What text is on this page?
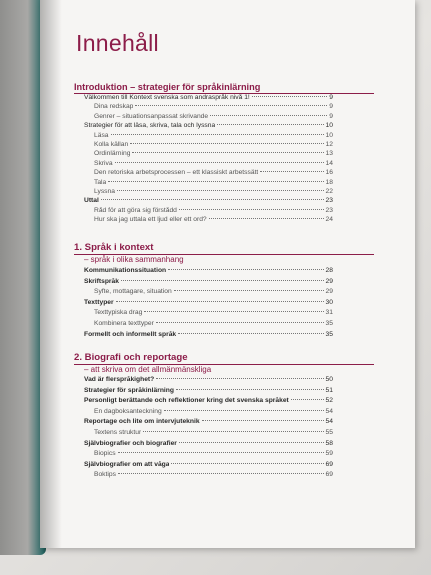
Innehåll
Introduktion – strategier för språkinlärning
Välkommen till Kontext svenska som andraspråk nivå 1!	9
Dina redskap	9
Genrer – situationsanpassat skrivande	9
Strategier för att läsa, skriva, tala och lyssna	10
Läsa	10
Kolla källan	12
Ordinlärning	13
Skriva	14
Den retoriska arbetsprocessen – ett klassiskt arbetssätt	16
Tala	18
Lyssna	22
Uttal	23
Råd för att göra sig förstådd	23
Hur ska jag uttala ett ljud eller ett ord?	24
1. Språk i kontext
– språk i olika sammanhang
Kommunikationssituation	28
Skriftspråk	29
Syfte, mottagare, situation	29
Texttyper	30
Texttypiska drag	31
Kombinera texttyper	35
Formellt och informellt språk	35
2. Biografi och reportage
– att skriva om det allmänmänskliga
Vad är flerspråkighet?	50
Strategier för språkinlärning	51
Personligt berättande och reflektioner kring det svenska språket	52
En dagboksanteckning	54
Reportage och lite om intervjuteknik	54
Textens struktur	55
Självbiografier och biografier	58
Biopics	59
Självbiografier om att våga	69
Boktips	69
